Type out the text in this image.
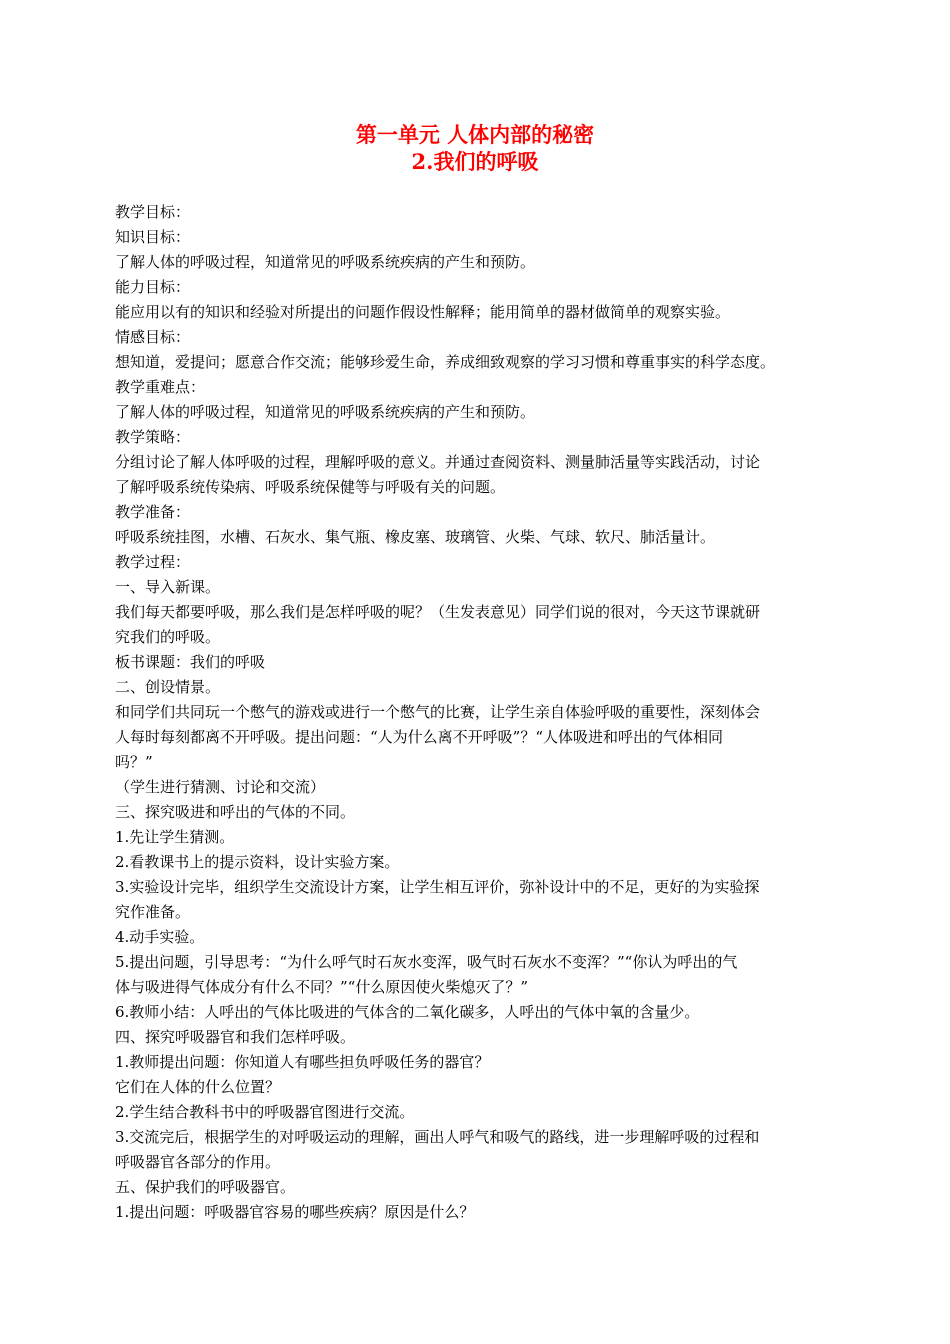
第一单元 人体内部的秘密

2.我们的呼吸

教学目标：

知识目标：

了解人体的呼吸过程，知道常见的呼吸系统疾病的产生和预防。

能力目标：

能应用以有的知识和经验对所提出的问题作假设性解释；能用简单的器材做简单的观察实验。

情感目标：

想知道，爱提问；愿意合作交流；能够珍爱生命，养成细致观察的学习习惯和尊重事实的科学态度。

教学重难点：

了解人体的呼吸过程，知道常见的呼吸系统疾病的产生和预防。

教学策略：

分组讨论了解人体呼吸的过程，理解呼吸的意义。并通过查阅资料、测量肺活量等实践活动，讨论

了解呼吸系统传染病、呼吸系统保健等与呼吸有关的问题。

教学准备：

呼吸系统挂图，水槽、石灰水、集气瓶、橡皮塞、玻璃管、火柴、气球、软尺、肺活量计。

教学过程：

一、导入新课。

我们每天都要呼吸，那么我们是怎样呼吸的呢？（生发表意见）同学们说的很对，今天这节课就研

究我们的呼吸。

板书课题：我们的呼吸

二、创设情景。

和同学们共同玩一个憋气的游戏或进行一个憋气的比赛，让学生亲自体验呼吸的重要性，深刻体会

人每时每刻都离不开呼吸。提出问题：“人为什么离不开呼吸”？“人体吸进和呼出的气体相同

吗？”

（学生进行猜测、讨论和交流）

三、探究吸进和呼出的气体的不同。

1.先让学生猜测。

2.看教课书上的提示资料，设计实验方案。

3.实验设计完毕，组织学生交流设计方案，让学生相互评价，弥补设计中的不足，更好的为实验探

究作准备。

4.动手实验。

5.提出问题，引导思考：“为什么呼气时石灰水变浑，吸气时石灰水不变浑？”“你认为呼出的气

体与吸进得气体成分有什么不同？”“什么原因使火柴熄灭了？”

6.教师小结：人呼出的气体比吸进的气体含的二氧化碳多，人呼出的气体中氧的含量少。

四、探究呼吸器官和我们怎样呼吸。

1.教师提出问题：你知道人有哪些担负呼吸任务的器官？

它们在人体的什么位置？

2.学生结合教科书中的呼吸器官图进行交流。

3.交流完后，根据学生的对呼吸运动的理解，画出人呼气和吸气的路线，进一步理解呼吸的过程和

呼吸器官各部分的作用。

五、保护我们的呼吸器官。

1.提出问题：呼吸器官容易的哪些疾病？原因是什么？
